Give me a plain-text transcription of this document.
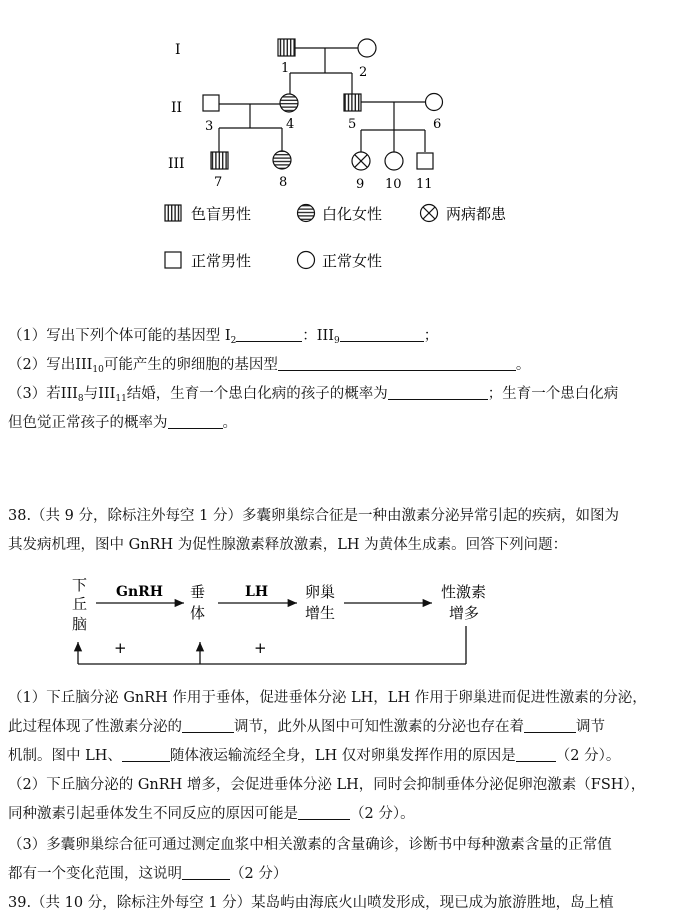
I
II
III
1	2
3	4	5	6
7	8	9 10 11
色盲男性	白化女性	两病都患
正常男性	正常女性
（1）写出下列个体可能的基因型 $I_2$	：$III_9$	；
（2）写出$III_{10}$可能产生的卵细胞的基因型	。
（3）若$III_8$与$III_{11}$结婚，生育一个患白化病的孩子的概率为	；生育一个患白化病
但色觉正常孩子的概率为	。
38.（共 9 分，除标注外每空 1 分）多囊卵巢综合征是一种由激素分泌异常引起的疾病，如图为
其发病机理，图中 GnRH 为促性腺激素释放激素，LH 为黄体生成素。回答下列问题：
下
丘
脑
GnRH 垂
体
LH 卵巢
增生
性激素
增多
+	+
（1）下丘脑分泌 GnRH 作用于垂体，促进垂体分泌 LH，LH 作用于卵巢进而促进性激素的分泌，
此过程体现了性激素分泌的	调节，此外从图中可知性激素的分泌也存在着	调节
机制。图中 LH、	随体液运输流经全身，LH 仅对卵巢发挥作用的原因是	（2 分）。
（2）下丘脑分泌的 GnRH 增多，会促进垂体分泌 LH，同时会抑制垂体分泌促卵泡激素（FSH），
同种激素引起垂体发生不同反应的原因可能是	（2 分）。
（3）多囊卵巢综合征可通过测定血浆中相关激素的含量确诊，诊断书中每种激素含量的正常值
都有一个变化范围，这说明	（2 分）
39.（共 10 分，除标注外每空 1 分）某岛屿由海底火山喷发形成，现已成为旅游胜地，岛上植
